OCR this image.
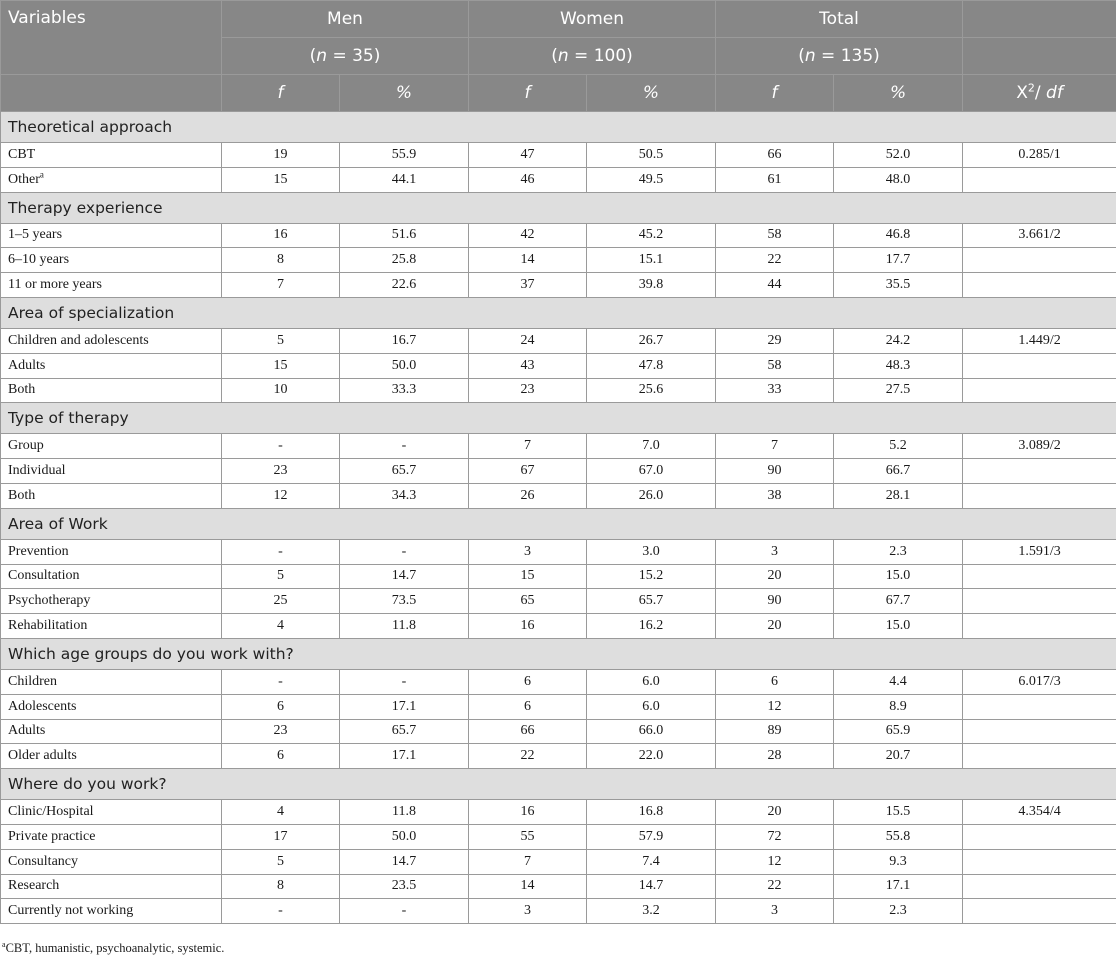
Variables	Men		Women		Total		
	(n = 35)		(n = 100)		(n = 135)		
	f	%	f	%	f	%	$X^2/$ df
Theoretical approach							
CBT	19	55.9	47	50.5	66	52.0	0.285/1
Other$^a$	15	44.1	46	49.5	61	48.0	
Therapy experience							
1–5 years	16	51.6	42	45.2	58	46.8	3.661/2
6–10 years	8	25.8	14	15.1	22	17.7	
11 or more years	7	22.6	37	39.8	44	35.5	
Area of specialization							
Children and adolescents	5	16.7	24	26.7	29	24.2	1.449/2
Adults	15	50.0	43	47.8	58	48.3	
Both	10	33.3	23	25.6	33	27.5	
Type of therapy							
Group	-	-	7	7.0	7	5.2	3.089/2
Individual	23	65.7	67	67.0	90	66.7	
Both	12	34.3	26	26.0	38	28.1	
Area of Work							
Prevention	-	-	3	3.0	3	2.3	1.591/3
Consultation	5	14.7	15	15.2	20	15.0	
Psychotherapy	25	73.5	65	65.7	90	67.7	
Rehabilitation	4	11.8	16	16.2	20	15.0	
Which age groups do you work with?							
Children	-	-	6	6.0	6	4.4	6.017/3
Adolescents	6	17.1	6	6.0	12	8.9	
Adults	23	65.7	66	66.0	89	65.9	
Older adults	6	17.1	22	22.0	28	20.7	
Where do you work?							
Clinic/Hospital	4	11.8	16	16.8	20	15.5	4.354/4
Private practice	17	50.0	55	57.9	72	55.8	
Consultancy	5	14.7	7	7.4	12	9.3	
Research	8	23.5	14	14.7	22	17.1	
Currently not working	-	-	3	3.2	3	2.3	
$^a$CBT, humanistic, psychoanalytic, systemic.
